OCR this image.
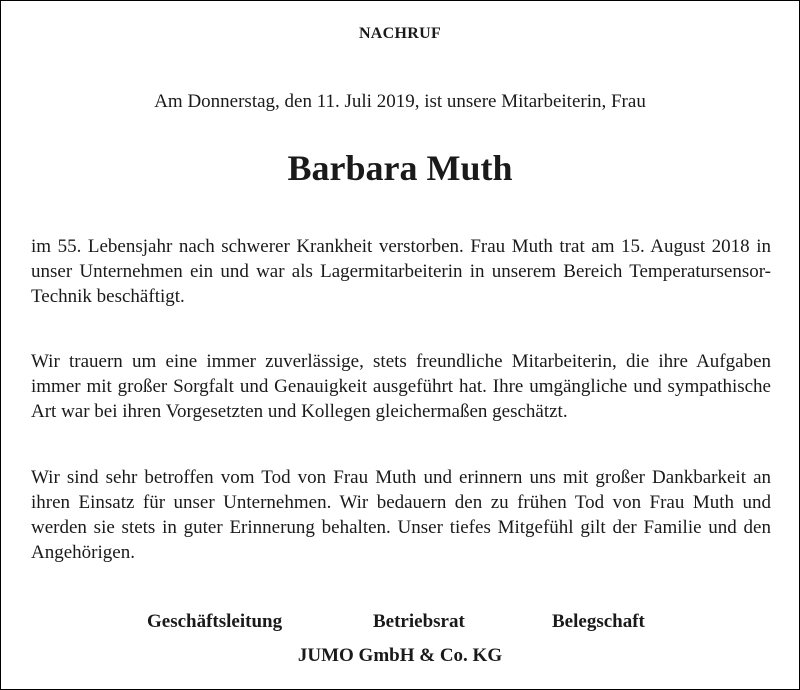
NACHRUF
Am Donnerstag, den 11. Juli 2019, ist unsere Mitarbeiterin, Frau
Barbara Muth
im 55. Lebensjahr nach schwerer Krankheit verstorben. Frau Muth trat am 15. August 2018 in unser Unternehmen ein und war als Lagermitarbeiterin in unserem Bereich Temperatursensor-Technik beschäftigt.
Wir trauern um eine immer zuverlässige, stets freundliche Mitarbeiterin, die ihre Aufgaben immer mit großer Sorgfalt und Genauigkeit ausgeführt hat. Ihre umgängliche und sympathische Art war bei ihren Vorgesetzten und Kollegen gleichermaßen geschätzt.
Wir sind sehr betroffen vom Tod von Frau Muth und erinnern uns mit großer Dankbarkeit an ihren Einsatz für unser Unternehmen. Wir bedauern den zu frühen Tod von Frau Muth und werden sie stets in guter Erinnerung behalten. Unser tiefes Mitgefühl gilt der Familie und den Angehörigen.
Geschäftsleitung	Betriebsrat	Belegschaft
JUMO GmbH & Co. KG
